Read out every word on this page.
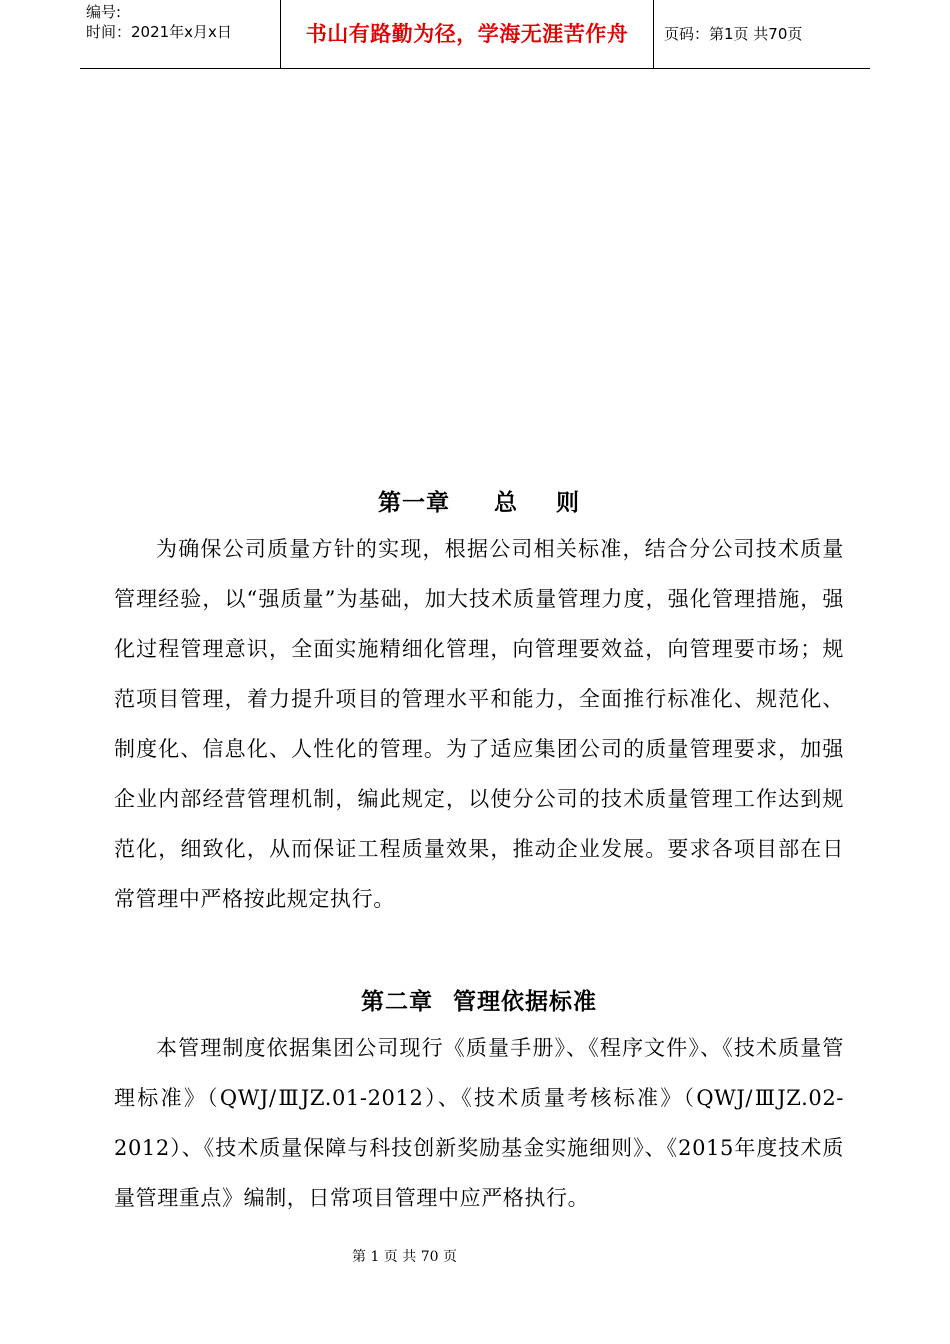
编号:
时间：2021年x月x日	书山有路勤为径，学海无涯苦作舟	页码：第1页 共70页
第一章 总 则
为确保公司质量方针的实现，根据公司相关标准，结合分公司技术质量管理经验，以“强质量”为基础，加大技术质量管理力度，强化管理措施，强化过程管理意识，全面实施精细化管理，向管理要效益，向管理要市场；规范项目管理，着力提升项目的管理水平和能力，全面推行标准化、规范化、制度化、信息化、人性化的管理。为了适应集团公司的质量管理要求，加强企业内部经营管理机制，编此规定，以使分公司的技术质量管理工作达到规范化，细致化，从而保证工程质量效果，推动企业发展。要求各项目部在日常管理中严格按此规定执行。
第二章 管理依据标准
本管理制度依据集团公司现行《质量手册》、《程序文件》、《技术质量管理标准》（QWJ/ⅢJZ.01-2012）、《技术质量考核标准》（QWJ/ⅢJZ.02-2012）、《技术质量保障与科技创新奖励基金实施细则》、《2015年度技术质量管理重点》编制，日常项目管理中应严格执行。
第 1 页 共 70 页
